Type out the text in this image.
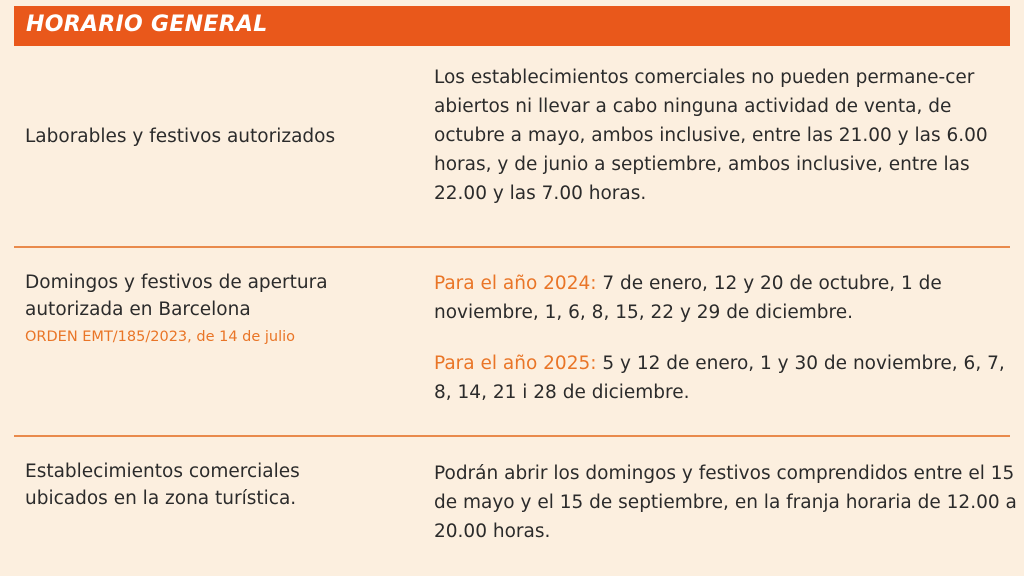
HORARIO GENERAL
Laborables y festivos autorizados
Los establecimientos comerciales no pueden permane-cer abiertos ni llevar a cabo ninguna actividad de venta, de octubre a mayo, ambos inclusive, entre las 21.00 y las 6.00 horas, y de junio a septiembre, ambos inclusive, entre las 22.00 y las 7.00 horas.
Domingos y festivos de apertura autorizada en Barcelona
ORDEN EMT/185/2023, de 14 de julio

Para el año 2024: 7 de enero, 12 y 20 de octubre, 1 de noviembre, 1, 6, 8, 15, 22 y 29 de diciembre.

Para el año 2025: 5 y 12 de enero, 1 y 30 de noviembre, 6, 7, 8, 14, 21 i 28 de diciembre.

Establecimientos comerciales ubicados en la zona turística.
Podrán abrir los domingos y festivos comprendidos entre el 15 de mayo y el 15 de septiembre, en la franja horaria de 12.00 a 20.00 horas.
